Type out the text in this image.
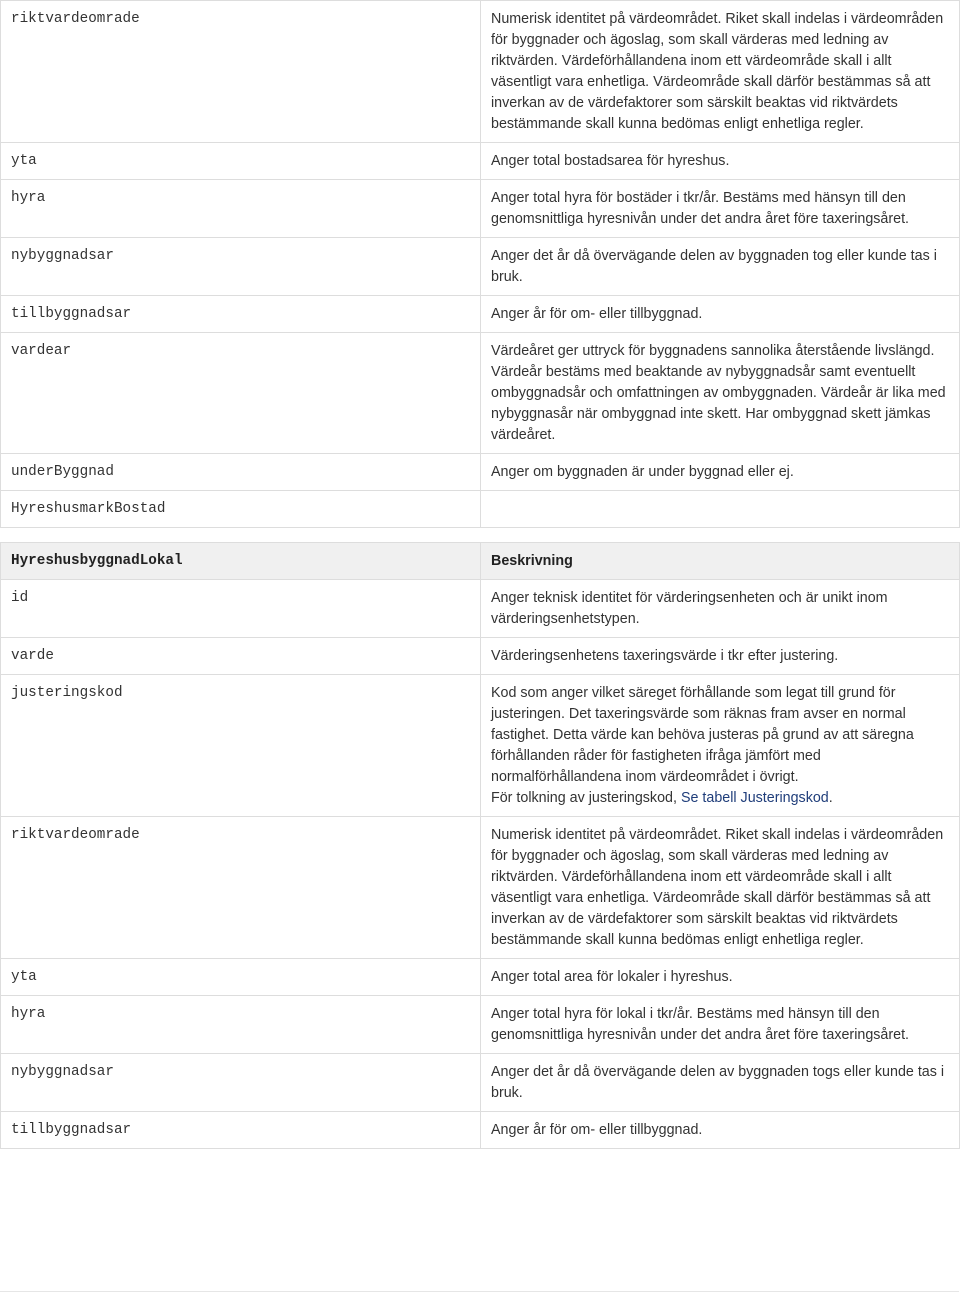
riktvardeomrade	Numerisk identitet på värdeområdet. Riket skall indelas i värdeområden för byggnader och ägoslag, som skall värderas med ledning av riktvärden. Värdeförhållandena inom ett värdeområde skall i allt väsentligt vara enhetliga. Värdeområde skall därför bestämmas så att inverkan av de värdefaktorer som särskilt beaktas vid riktvärdets bestämmande skall kunna bedömas enligt enhetliga regler.
yta	Anger total bostadsarea för hyreshus.
hyra	Anger total hyra för bostäder i tkr/år. Bestäms med hänsyn till den genomsnittliga hyresnivån under det andra året före taxeringsåret.
nybyggnadsar	Anger det år då övervägande delen av byggnaden tog eller kunde tas i bruk.
tillbyggnadsar	Anger år för om- eller tillbyggnad.
vardear	Värdeåret ger uttryck för byggnadens sannolika återstående livslängd. Värdeår bestäms med beaktande av nybyggnadsår samt eventuellt ombyggnadsår och omfattningen av ombyggnaden. Värdeår är lika med nybyggnasår när ombyggnad inte skett. Har ombyggnad skett jämkas värdeåret.
underByggnad	Anger om byggnaden är under byggnad eller ej.
HyreshusmarkBostad	
HyreshusbyggnadLokal	Beskrivning
id	Anger teknisk identitet för värderingsenheten och är unikt inom värderingsenhetstypen.
varde	Värderingsenhetens taxeringsvärde i tkr efter justering.
justeringskod	Kod som anger vilket säreget förhållande som legat till grund för justeringen. Det taxeringsvärde som räknas fram avser en normal fastighet. Detta värde kan behöva justeras på grund av att säregna förhållanden råder för fastigheten ifråga jämfört med normalförhållandena inom värdeområdet i övrigt.
För tolkning av justeringskod, Se tabell Justeringskod.

riktvardeomrade	Numerisk identitet på värdeområdet. Riket skall indelas i värdeområden för byggnader och ägoslag, som skall värderas med ledning av riktvärden. Värdeförhållandena inom ett värdeområde skall i allt väsentligt vara enhetliga. Värdeområde skall därför bestämmas så att inverkan av de värdefaktorer som särskilt beaktas vid riktvärdets bestämmande skall kunna bedömas enligt enhetliga regler.
yta	Anger total area för lokaler i hyreshus.
hyra	Anger total hyra för lokal i tkr/år. Bestäms med hänsyn till den genomsnittliga hyresnivån under det andra året före taxeringsåret.
nybyggnadsar	Anger det år då övervägande delen av byggnaden togs eller kunde tas i bruk.
tillbyggnadsar	Anger år för om- eller tillbyggnad.
